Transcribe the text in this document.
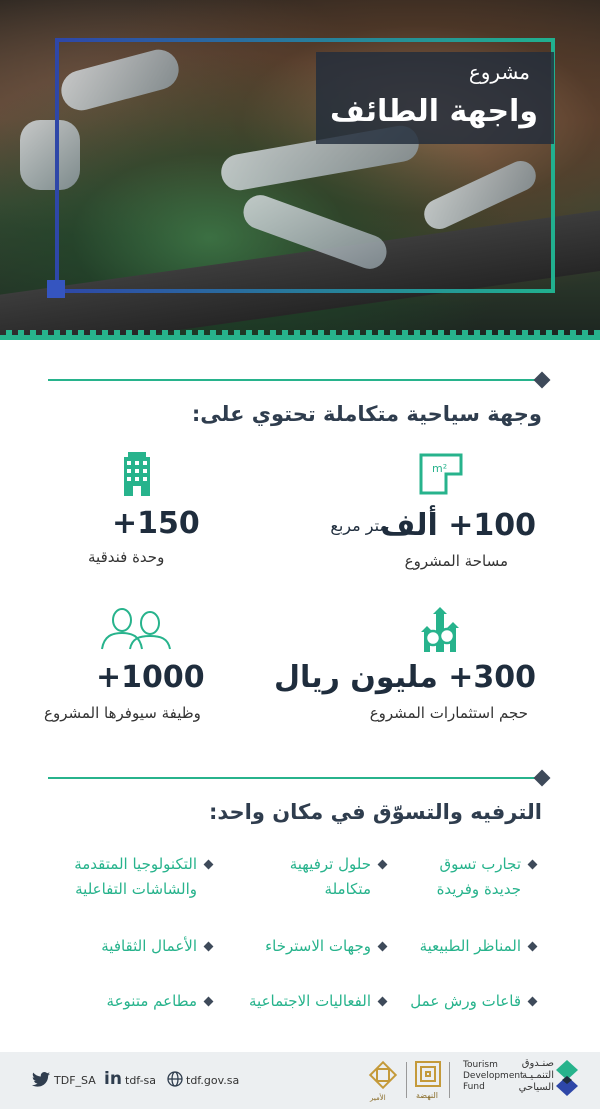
مشروع
واجهة الطائف
وجهة سياحية متكاملة تحتوي على:
m²
100+ ألف
متر مربع
مساحة المشروع
150+
وحدة فندقية
300+ مليون ريال
حجم استثمارات المشروع
1000+
وظيفة سيوفرها المشروع
الترفيه والتسوّق في مكان واحد:
تجارب تسوق
جديدة وفريدة
المناظر الطبيعية
قاعات ورش عمل
حلول ترفيهية
متكاملة
وجهات الاسترخاء
الفعاليات الاجتماعية
التكنولوجيا المتقدمة
والشاشات التفاعلية
الأعمال الثقافية
مطاعم متنوعة
TDF_SA in tdf-sa	tdf.gov.sa
الأمير	النهضة
Tourism
Development
Fund
صنـدوق
التنمـيـة
السياحي
